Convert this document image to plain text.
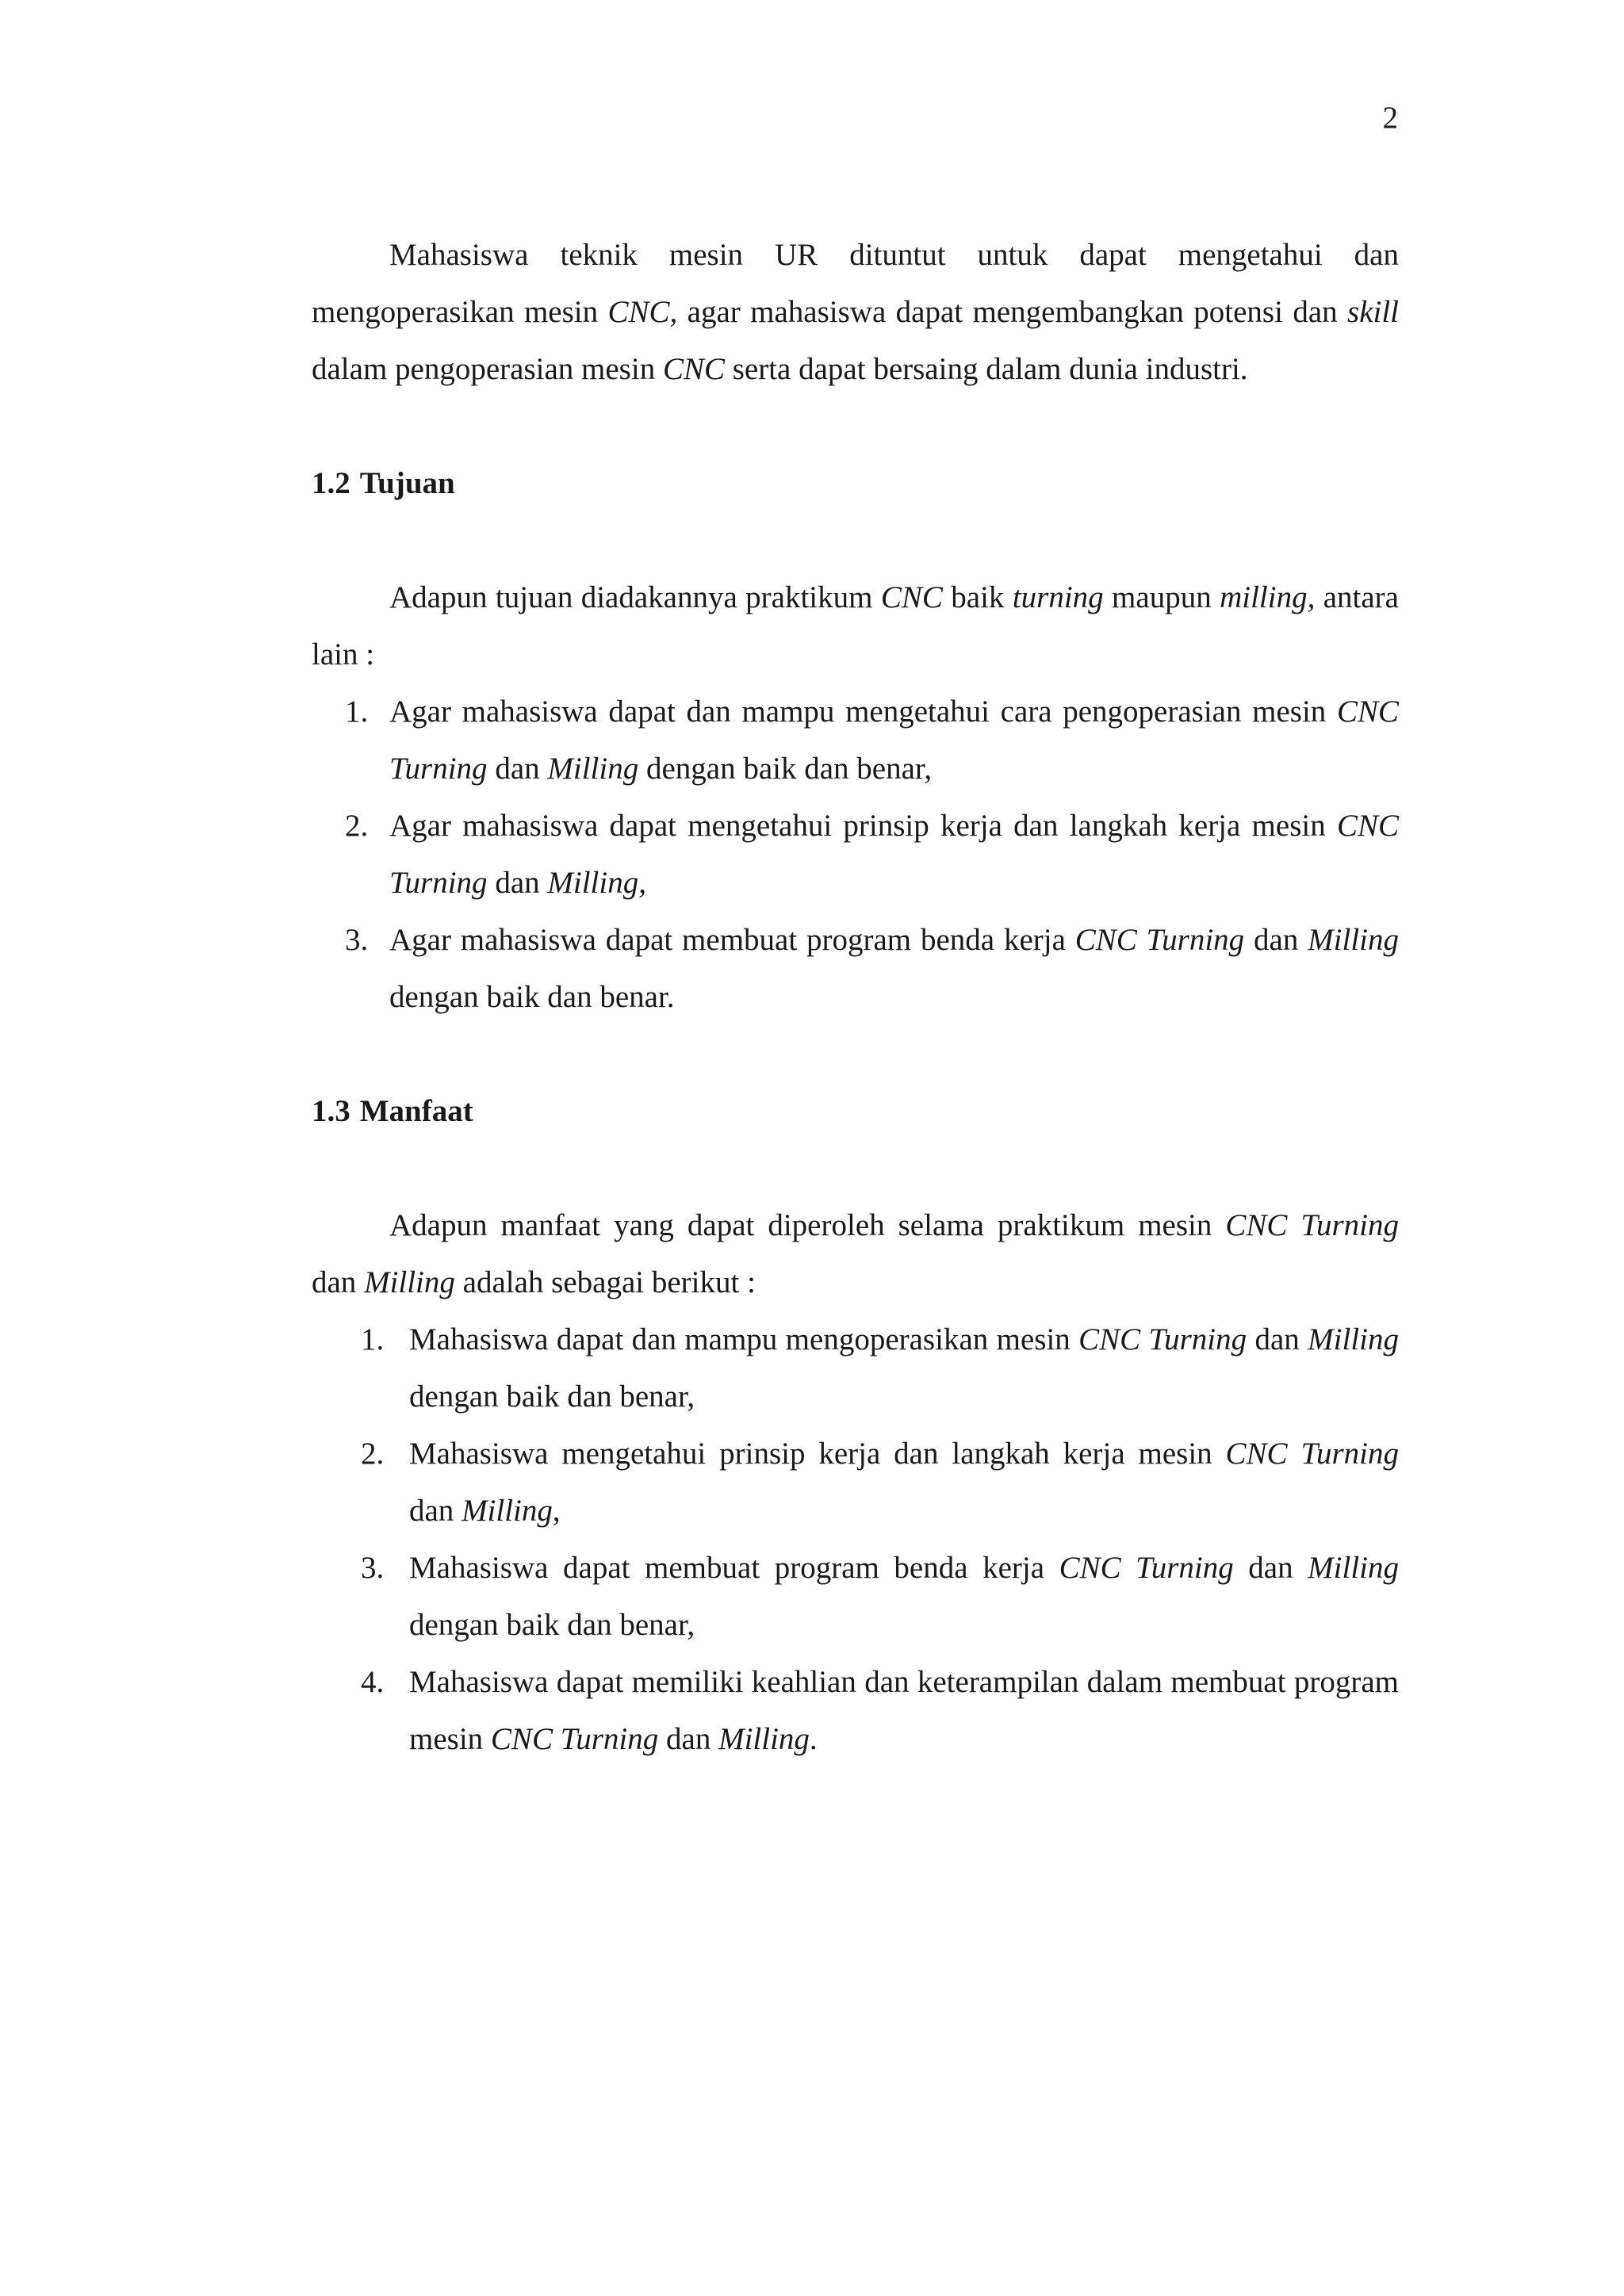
2

Mahasiswa teknik mesin UR dituntut untuk dapat mengetahui dan mengoperasikan mesin CNC, agar mahasiswa dapat mengembangkan potensi dan skill dalam pengoperasian mesin CNC serta dapat bersaing dalam dunia industri.

1.2 Tujuan

Adapun tujuan diadakannya praktikum CNC baik turning maupun milling, antara lain :

1. Agar mahasiswa dapat dan mampu mengetahui cara pengoperasian mesin CNC Turning dan Milling dengan baik dan benar,
2. Agar mahasiswa dapat mengetahui prinsip kerja dan langkah kerja mesin CNC Turning dan Milling,
3. Agar mahasiswa dapat membuat program benda kerja CNC Turning dan Milling dengan baik dan benar.
1.3 Manfaat

Adapun manfaat yang dapat diperoleh selama praktikum mesin CNC Turning dan Milling adalah sebagai berikut :

1. Mahasiswa dapat dan mampu mengoperasikan mesin CNC Turning dan Milling dengan baik dan benar,
2. Mahasiswa mengetahui prinsip kerja dan langkah kerja mesin CNC Turning dan Milling,
3. Mahasiswa dapat membuat program benda kerja CNC Turning dan Milling dengan baik dan benar,
4. Mahasiswa dapat memiliki keahlian dan keterampilan dalam membuat program mesin CNC Turning dan Milling.
